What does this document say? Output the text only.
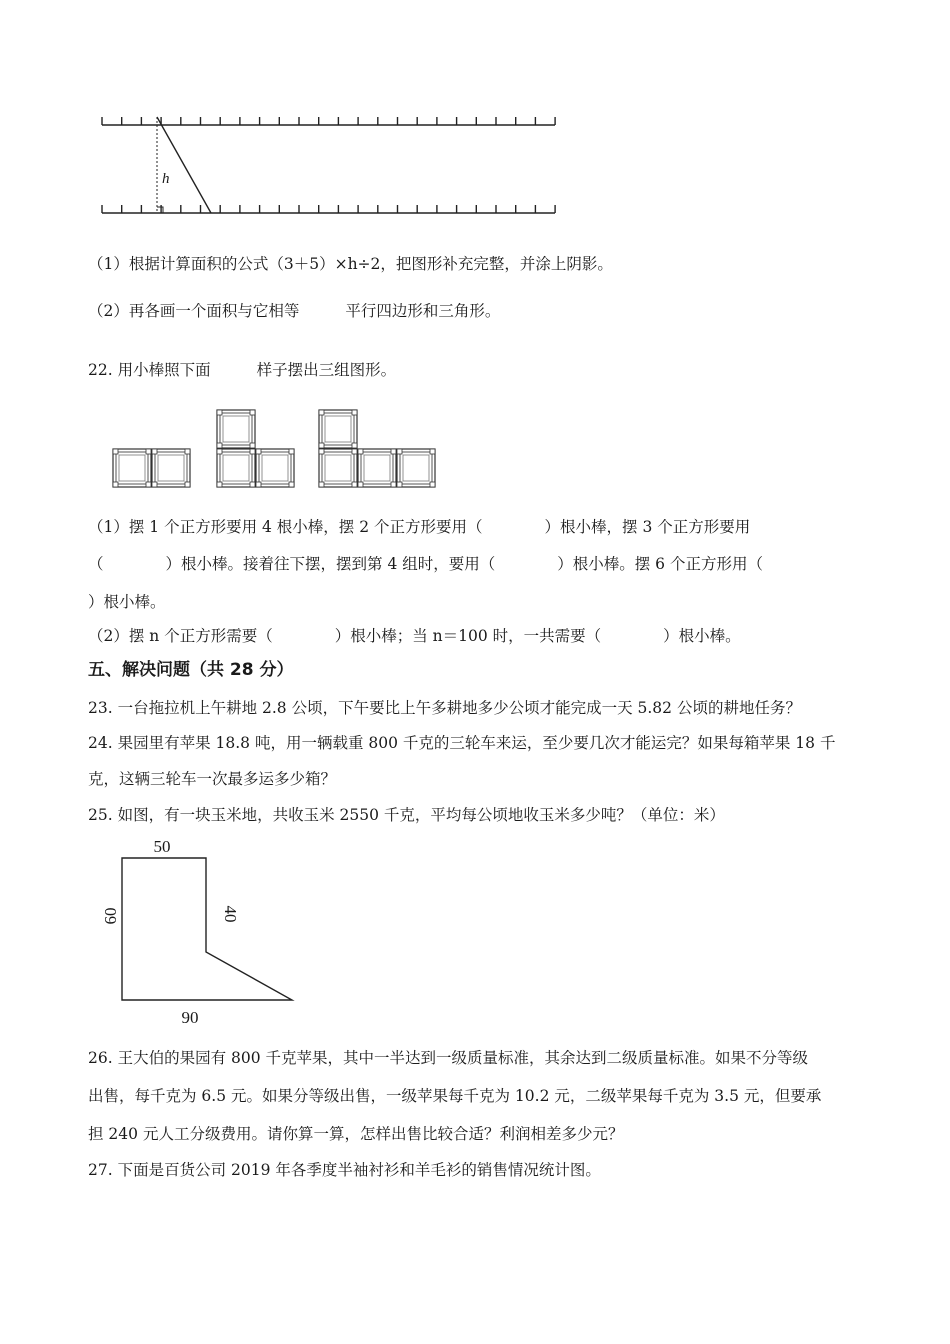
h
（1）根据计算面积的公式（3＋5）×h÷2，把图形补充完整，并涂上阴影。
（2）再各画一个面积与它相等	平行四边形和三角形。
22. 用小棒照下面	样子摆出三组图形。
（1）摆 1 个正方形要用 4 根小棒，摆 2 个正方形要用（	）根小棒，摆 3 个正方形要用
（	）根小棒。接着往下摆，摆到第 4 组时，要用（	）根小棒。摆 6 个正方形用（
）根小棒。
（2）摆 n 个正方形需要（	）根小棒；当 n＝100 时，一共需要（	）根小棒。
五、解决问题（共 28 分）
23. 一台拖拉机上午耕地 2.8 公顷，下午要比上午多耕地多少公顷才能完成一天 5.82 公顷的耕地任务？
24. 果园里有苹果 18.8 吨，用一辆载重 800 千克的三轮车来运，至少要几次才能运完？如果每箱苹果 18 千
克，这辆三轮车一次最多运多少箱？
25. 如图，有一块玉米地，共收玉米 2550 千克，平均每公顷地收玉米多少吨？（单位：米）
50
90
60	40
26. 王大伯的果园有 800 千克苹果，其中一半达到一级质量标准，其余达到二级质量标准。如果不分等级
出售，每千克为 6.5 元。如果分等级出售，一级苹果每千克为 10.2 元，二级苹果每千克为 3.5 元，但要承
担 240 元人工分级费用。请你算一算，怎样出售比较合适？利润相差多少元？
27. 下面是百货公司 2019 年各季度半袖衬衫和羊毛衫的销售情况统计图。
